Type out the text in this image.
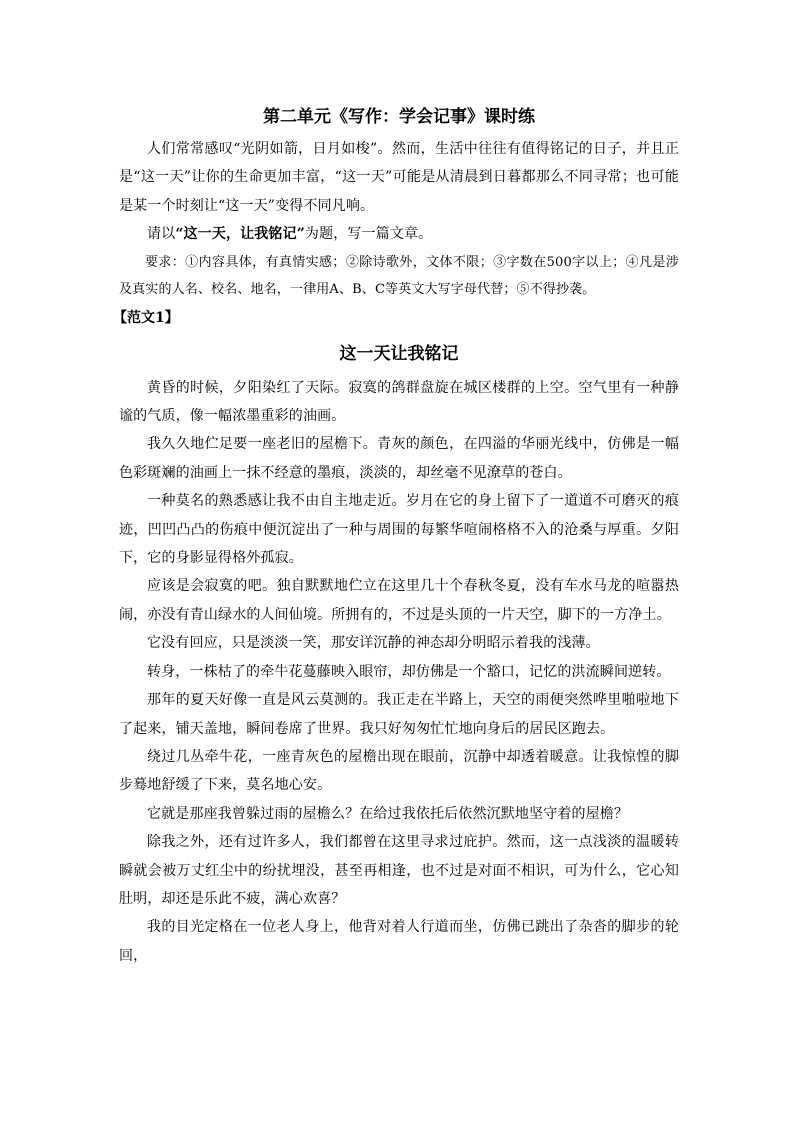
第二单元《写作：学会记事》课时练

人们常常感叹“光阴如箭，日月如梭”。然而，生活中往往有值得铭记的日子，并且正是“这一天”让你的生命更加丰富，“这一天”可能是从清晨到日暮都那么不同寻常；也可能是某一个时刻让“这一天”变得不同凡响。

请以“这一天，让我铭记”为题，写一篇文章。

要求：①内容具体，有真情实感；②除诗歌外，文体不限；③字数在500字以上；④凡是涉及真实的人名、校名、地名，一律用A、B、C等英文大写字母代替；⑤不得抄袭。

【范文1】
这一天让我铭记

黄昏的时候，夕阳染红了天际。寂寞的鸽群盘旋在城区楼群的上空。空气里有一种静谧的气质，像一幅浓墨重彩的油画。

我久久地伫足要一座老旧的屋檐下。青灰的颜色，在四溢的华丽光线中，仿佛是一幅色彩斑斓的油画上一抹不经意的墨痕，淡淡的，却丝毫不见潦草的苍白。

一种莫名的熟悉感让我不由自主地走近。岁月在它的身上留下了一道道不可磨灭的痕迹，凹凹凸凸的伤痕中便沉淀出了一种与周围的每繁华喧闹格格不入的沧桑与厚重。夕阳下，它的身影显得格外孤寂。

应该是会寂寞的吧。独自默默地伫立在这里几十个春秋冬夏，没有车水马龙的喧嚣热闹，亦没有青山绿水的人间仙境。所拥有的，不过是头顶的一片天空，脚下的一方净土。

它没有回应，只是淡淡一笑，那安详沉静的神态却分明昭示着我的浅薄。

转身，一株枯了的牵牛花蔓藤映入眼帘，却仿佛是一个豁口，记忆的洪流瞬间逆转。

那年的夏天好像一直是风云莫测的。我正走在半路上，天空的雨便突然哗里啪啦地下了起来，铺天盖地，瞬间卷席了世界。我只好匆匆忙忙地向身后的居民区跑去。

绕过几丛牵牛花，一座青灰色的屋檐出现在眼前，沉静中却透着暖意。让我惊惶的脚步蓦地舒缓了下来，莫名地心安。

它就是那座我曾躲过雨的屋檐么？在给过我依托后依然沉默地坚守着的屋檐？

除我之外，还有过许多人，我们都曾在这里寻求过庇护。然而，这一点浅淡的温暖转瞬就会被万丈红尘中的纷扰埋没，甚至再相逢，也不过是对面不相识，可为什么，它心知肚明，却还是乐此不疲，满心欢喜？

我的目光定格在一位老人身上，他背对着人行道而坐，仿佛已跳出了杂沓的脚步的轮回，
